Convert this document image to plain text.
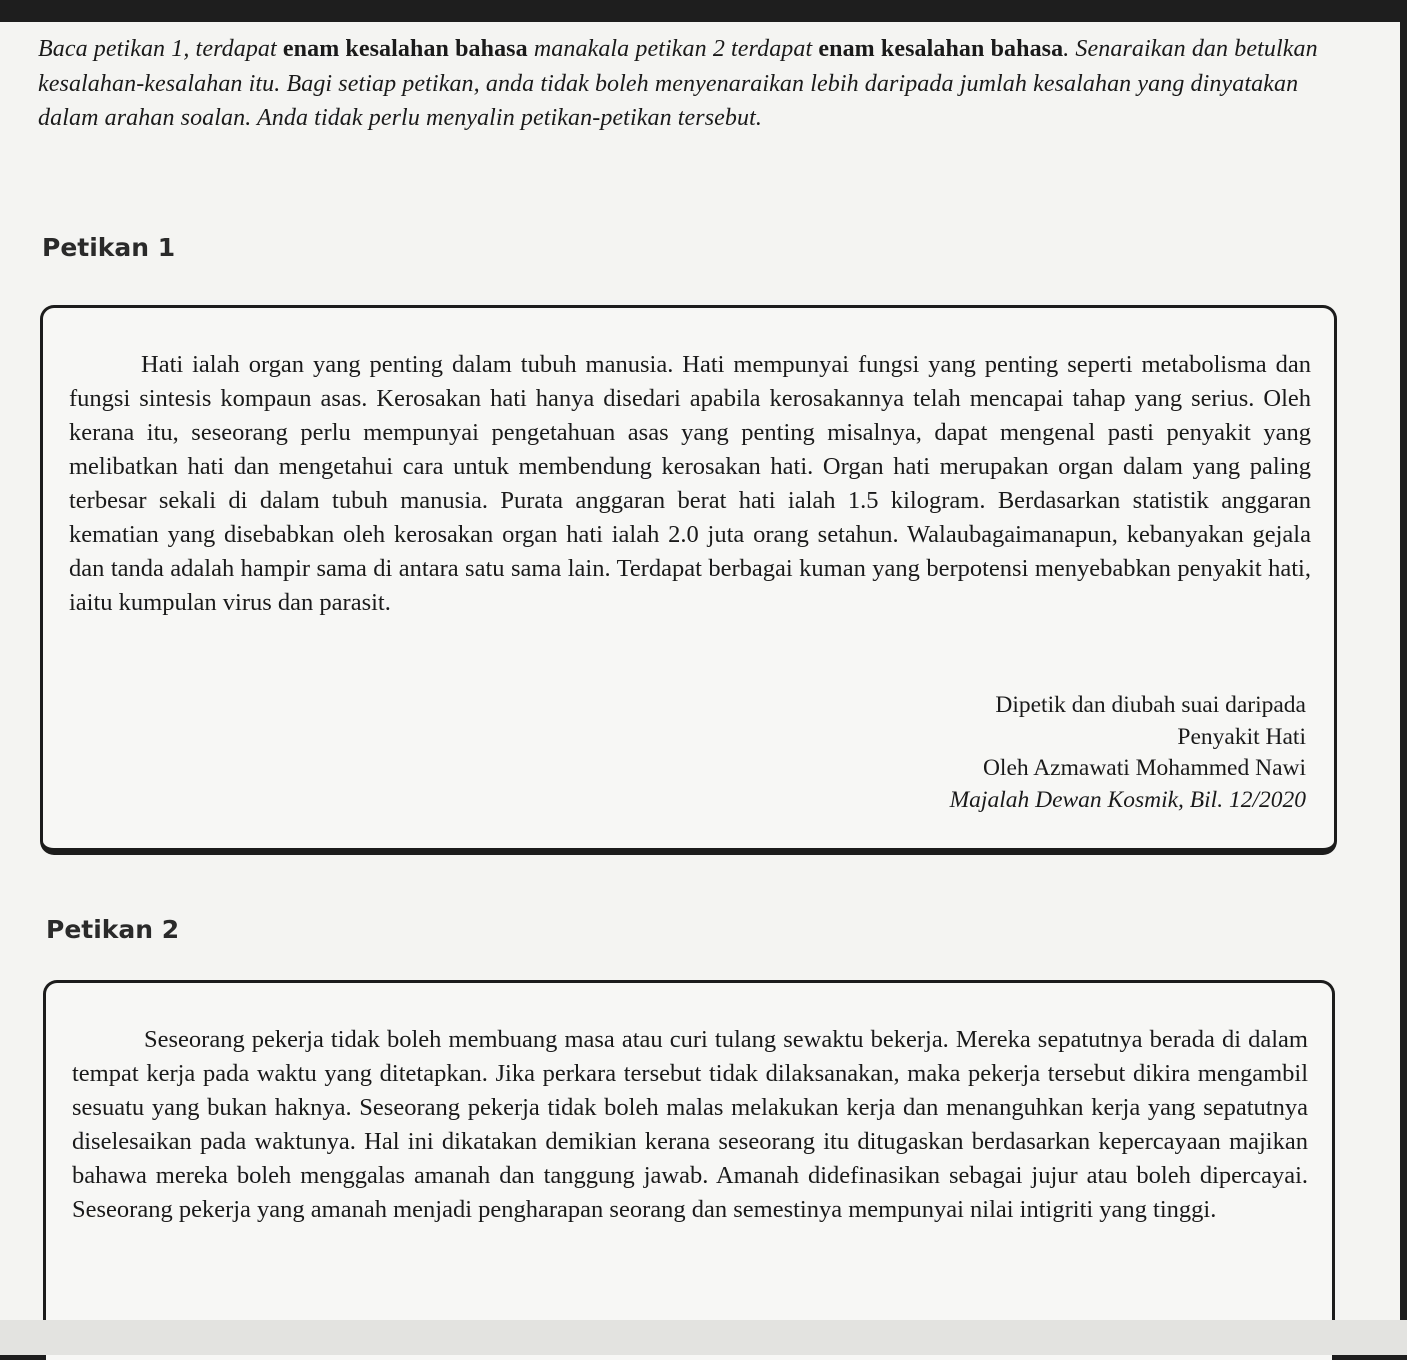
Baca petikan 1, terdapat enam kesalahan bahasa manakala petikan 2 terdapat enam kesalahan bahasa. Senaraikan dan betulkan kesalahan-kesalahan itu. Bagi setiap petikan, anda tidak boleh menyenaraikan lebih daripada jumlah kesalahan yang dinyatakan dalam arahan soalan. Anda tidak perlu menyalin petikan-petikan tersebut.
Petikan 1
Hati ialah organ yang penting dalam tubuh manusia. Hati mempunyai fungsi yang penting seperti metabolisma dan fungsi sintesis kompaun asas. Kerosakan hati hanya disedari apabila kerosakannya telah mencapai tahap yang serius. Oleh kerana itu, seseorang perlu mempunyai pengetahuan asas yang penting misalnya, dapat mengenal pasti penyakit yang melibatkan hati dan mengetahui cara untuk membendung kerosakan hati. Organ hati merupakan organ dalam yang paling terbesar sekali di dalam tubuh manusia. Purata anggaran berat hati ialah 1.5 kilogram. Berdasarkan statistik anggaran kematian yang disebabkan oleh kerosakan organ hati ialah 2.0 juta orang setahun. Walaubagaimanapun, kebanyakan gejala dan tanda adalah hampir sama di antara satu sama lain. Terdapat berbagai kuman yang berpotensi menyebabkan penyakit hati, iaitu kumpulan virus dan parasit.
Dipetik dan diubah suai daripada
Penyakit Hati
Oleh Azmawati Mohammed Nawi
Majalah Dewan Kosmik, Bil. 12/2020
Petikan 2
Seseorang pekerja tidak boleh membuang masa atau curi tulang sewaktu bekerja. Mereka sepatutnya berada di dalam tempat kerja pada waktu yang ditetapkan. Jika perkara tersebut tidak dilaksanakan, maka pekerja tersebut dikira mengambil sesuatu yang bukan haknya. Seseorang pekerja tidak boleh malas melakukan kerja dan menanguhkan kerja yang sepatutnya diselesaikan pada waktunya. Hal ini dikatakan demikian kerana seseorang itu ditugaskan berdasarkan kepercayaan majikan bahawa mereka boleh menggalas amanah dan tanggung jawab. Amanah didefinasikan sebagai jujur atau boleh dipercayai. Seseorang pekerja yang amanah menjadi pengharapan seorang dan semestinya mempunyai nilai intigriti yang tinggi.
